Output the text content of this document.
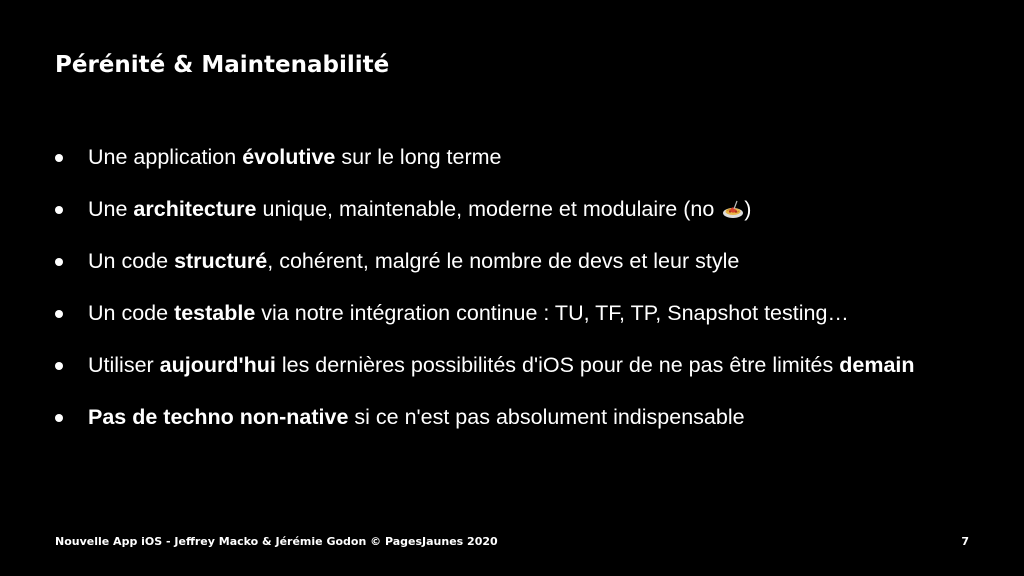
Pérénité & Maintenabilité
Une application évolutive sur le long terme
Une architecture unique, maintenable, moderne et modulaire (no )
Un code structuré, cohérent, malgré le nombre de devs et leur style
Un code testable via notre intégration continue : TU, TF, TP, Snapshot testing…
Utiliser aujourd'hui les dernières possibilités d'iOS pour de ne pas être limités demain
Pas de techno non-native si ce n'est pas absolument indispensable
Nouvelle App iOS - Jeffrey Macko & Jérémie Godon © PagesJaunes 2020	7
